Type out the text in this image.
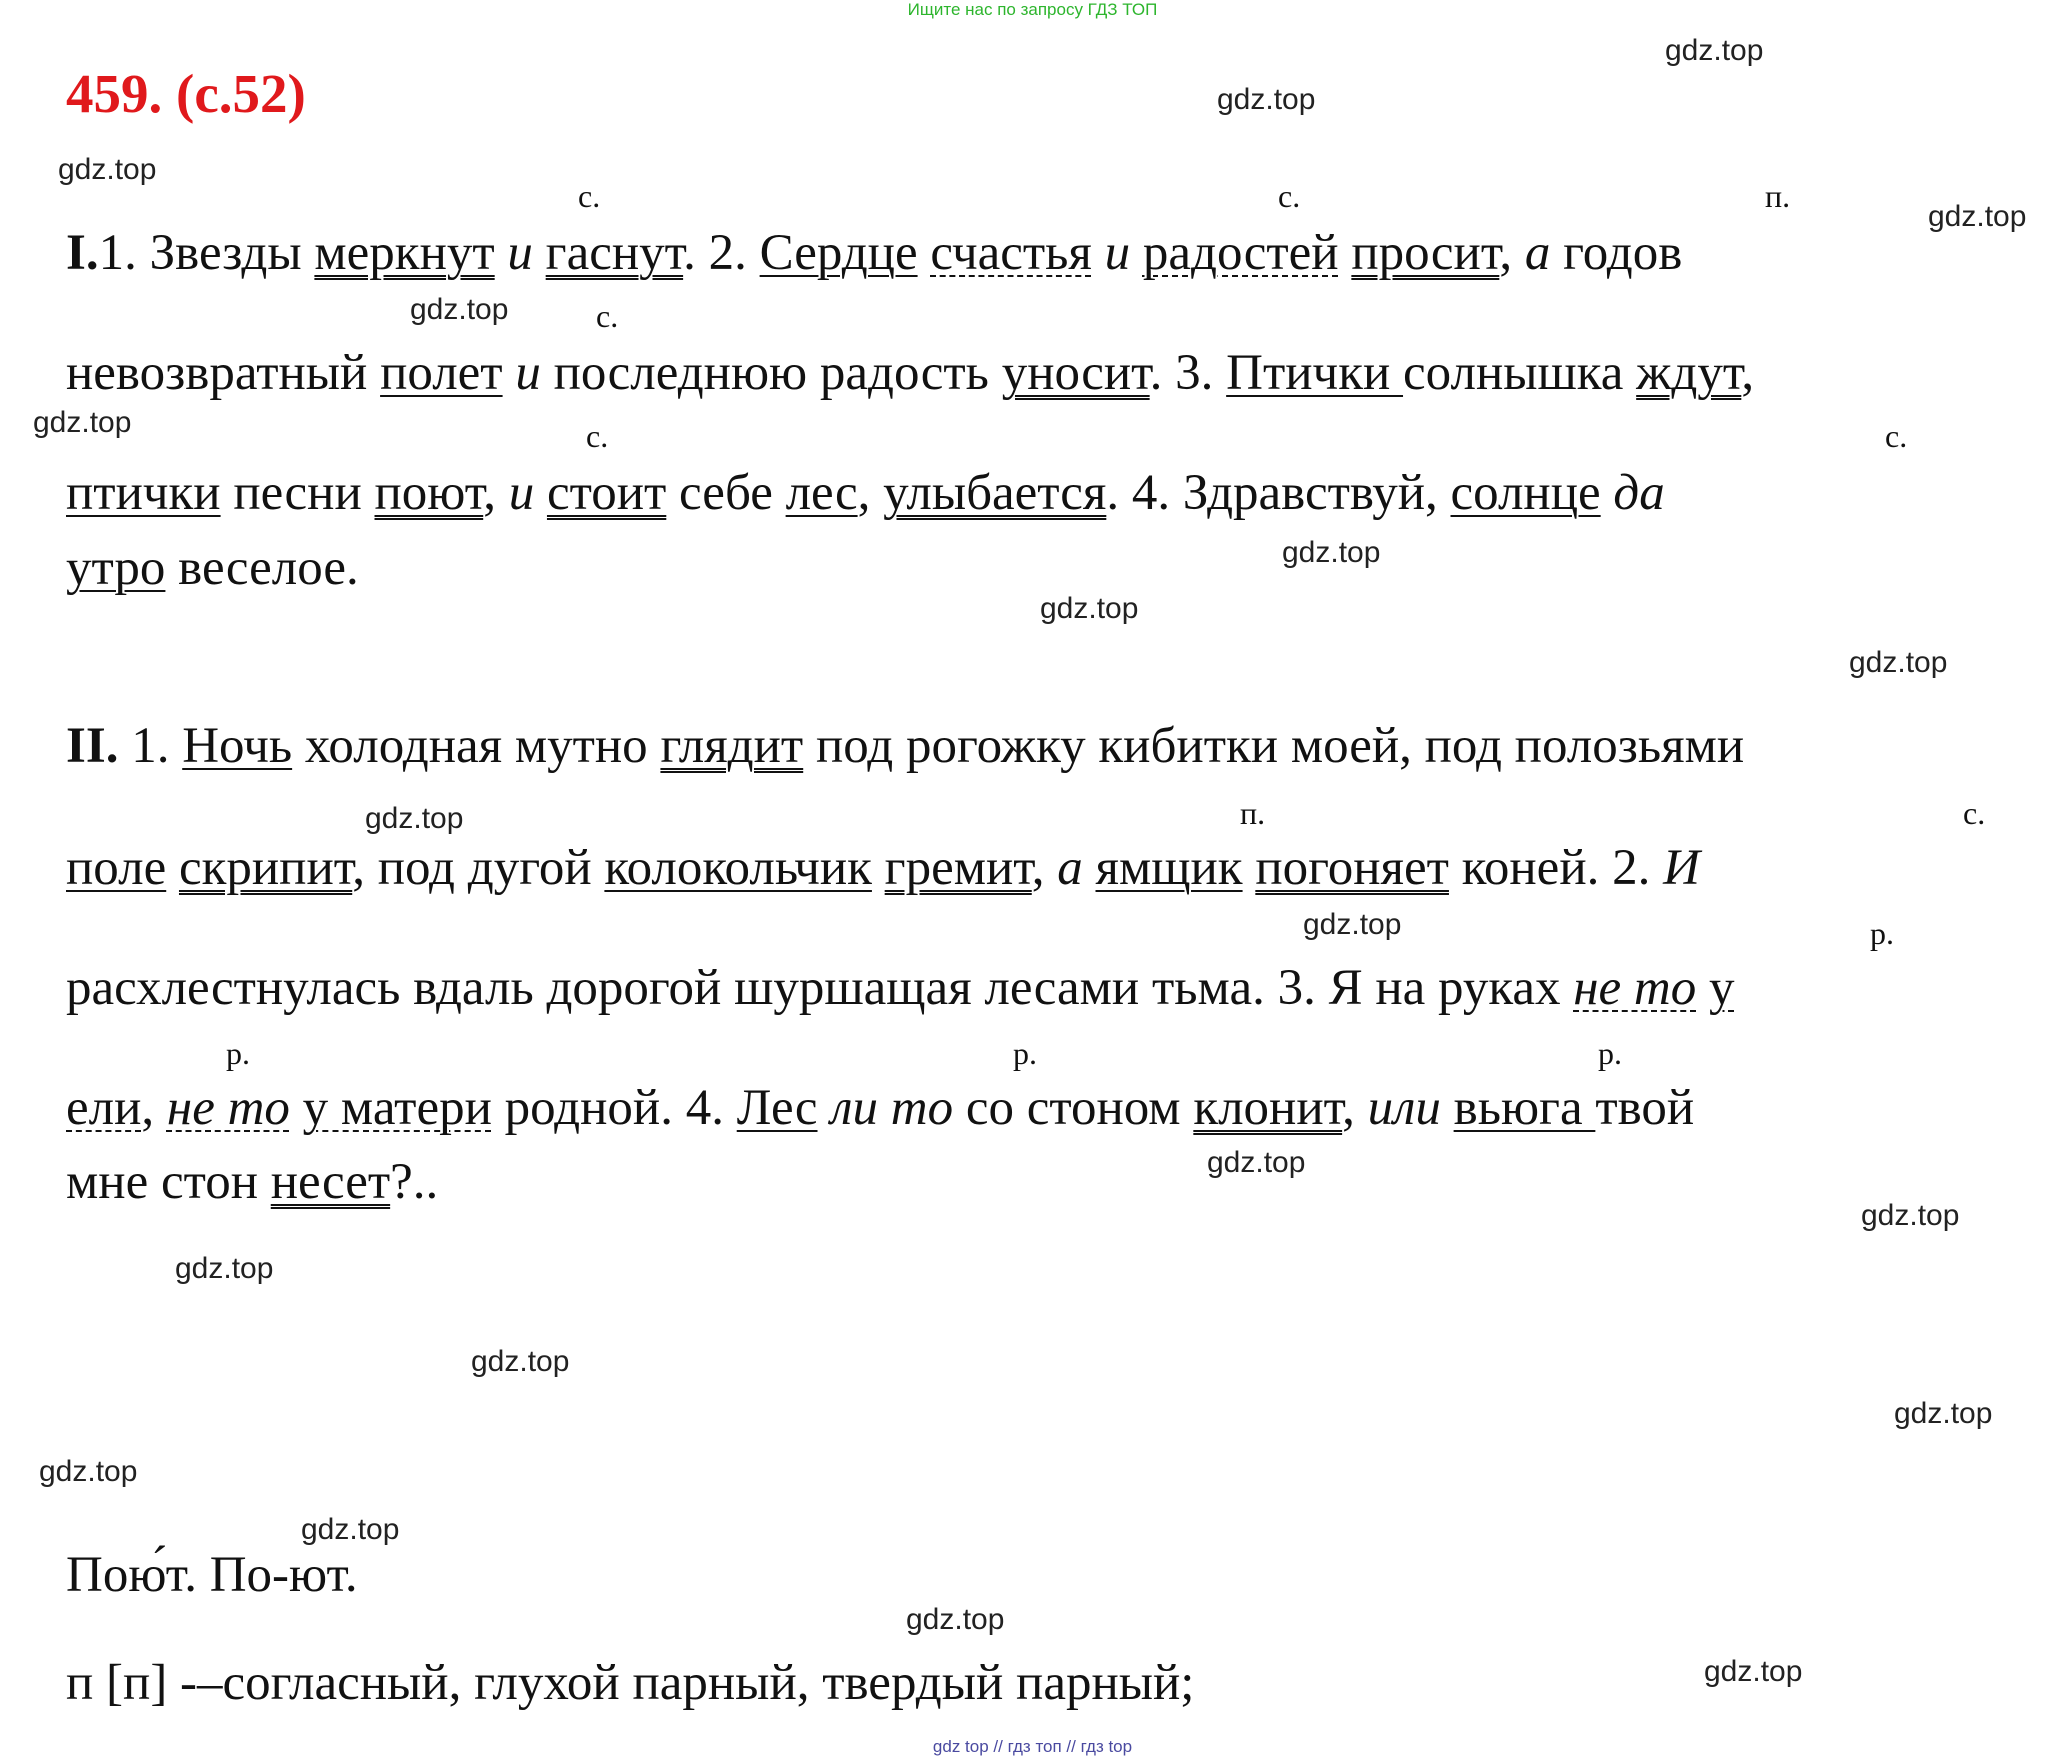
Ищите нас по запросу ГДЗ ТОП
459. (с.52)
с.	с.	п.
с.
с.	с.
п.	с.
р.
р.	р.	р.
I.1. Звезды меркнут и гаснут. 2. Сердце счастья и радостей просит, а годов
невозвратный полет и последнюю радость уносит. 3. Птички солнышка ждут,
птички песни поют, и стоит себе лес, улыбается. 4. Здравствуй, солнце да
утро веселое.
II. 1. Ночь холодная мутно глядит под рогожку кибитки моей, под полозьями
поле скрипит, под дугой колокольчик гремит, а ямщик погоняет коней. 2. И
расхлестнулась вдаль дорогой шуршащая лесами тьма. 3. Я на руках не то у
ели, не то у матери родной. 4. Лес ли то со стоном клонит, или вьюга твой
мне стон несет?..
Пою́т. По-ют.
п [п] -–согласный, глухой парный, твердый парный;
gdz.top
gdz.top
gdz.top
gdz.top
gdz.top
gdz.top
gdz.top
gdz.top
gdz.top
gdz.top
gdz.top
gdz.top
gdz.top
gdz.top
gdz.top
gdz.top
gdz.top
gdz.top
gdz.top
gdz.top
gdz top // гдз топ // гдз top
